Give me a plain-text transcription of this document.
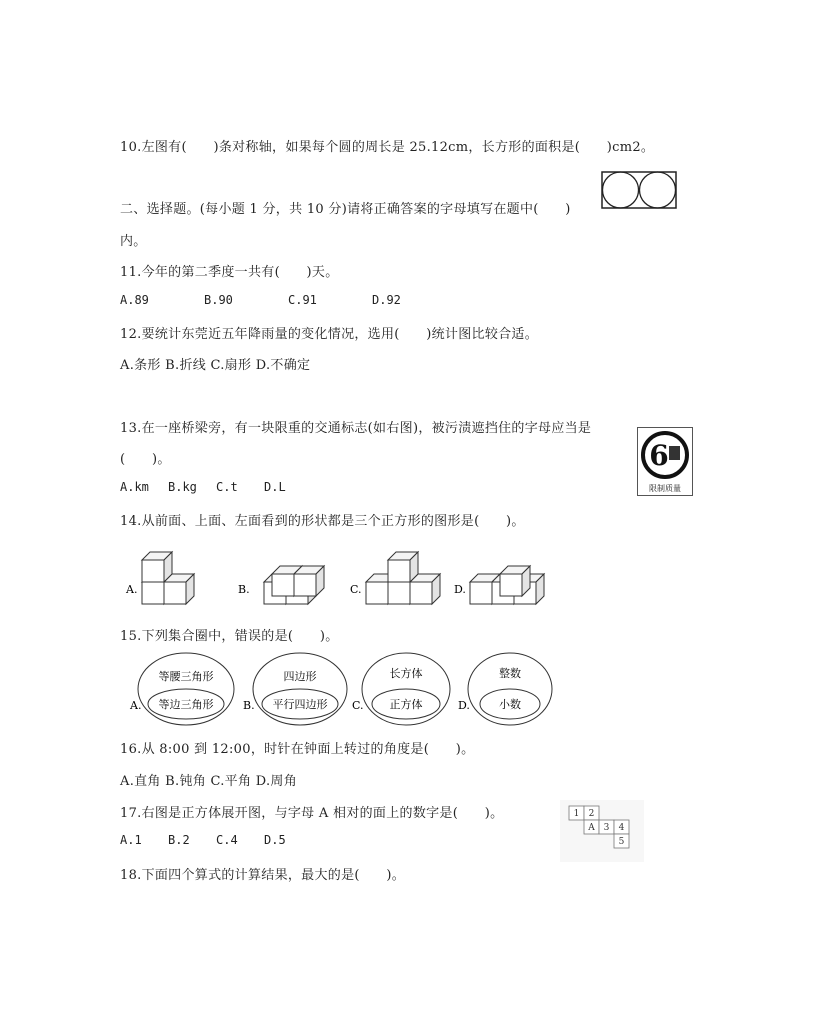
10.左图有(　　)条对称轴，如果每个圆的周长是 25.12cm，长方形的面积是(　　)cm2。
二、选择题。(每小题 1 分，共 10 分)请将正确答案的字母填写在题中(　　)
内。
11.今年的第二季度一共有(　　)天。
A.89	B.90	C.91	D.92
12.要统计东莞近五年降雨量的变化情况，选用(　　)统计图比较合适。
A.条形 B.折线 C.扇形 D.不确定
13.在一座桥梁旁，有一块限重的交通标志(如右图)，被污渍遮挡住的字母应当是
(　　)。
A.km B.kg C.t D.L
6
限制质量
14.从前面、上面、左面看到的形状都是三个正方形的图形是(　　)。
A.	B.	C.	D.
15.下列集合圈中，错误的是(　　)。
A.
等腰三角形
等边三角形	B.
四边形
平行四边形 C.
长方体
正方体	D.
整数
小数
16.从 8:00 到 12:00，时针在钟面上转过的角度是(　　)。
A.直角 B.钝角 C.平角 D.周角
17.右图是正方体展开图，与字母 A 相对的面上的数字是(　　)。
A.1 B.2 C.4 D.5
1 2
A 3 4
5
18.下面四个算式的计算结果，最大的是(　　)。
